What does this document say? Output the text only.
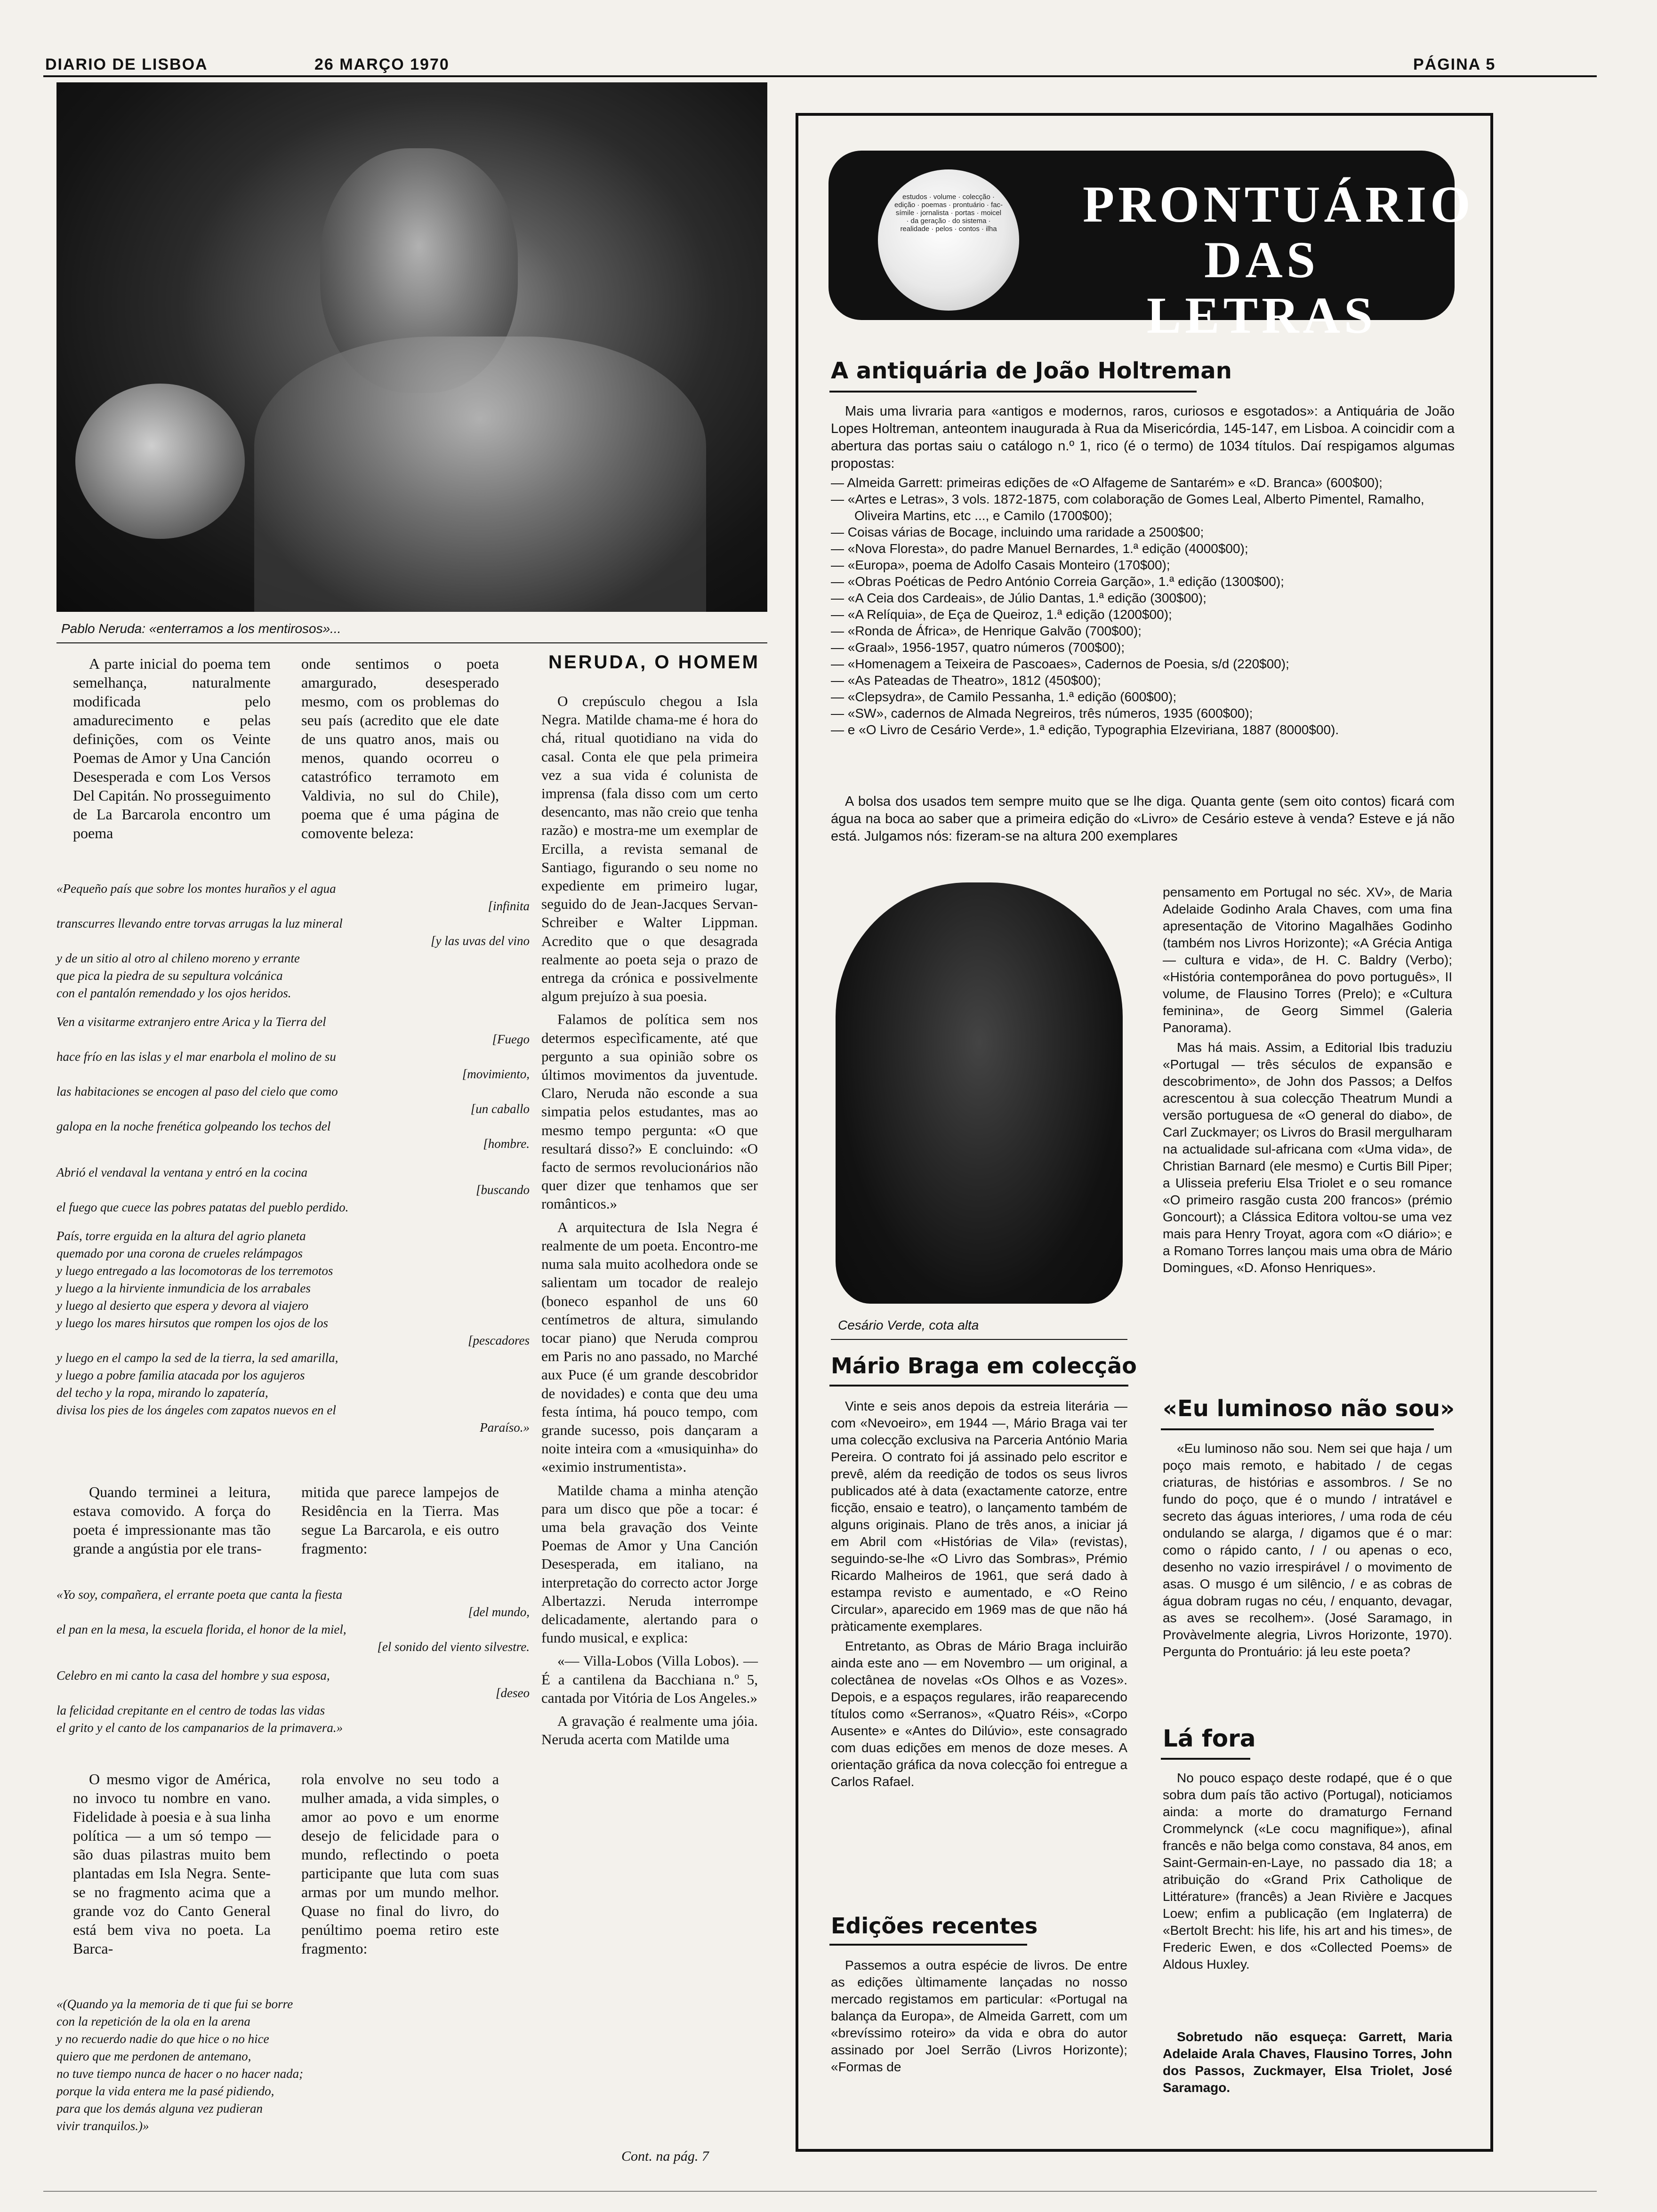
DIARIO DE LISBOA	26 MARÇO 1970	PÁGINA 5
Pablo Neruda: «enterramos a los mentirosos»...

A parte inicial do poema tem semelhança, naturalmente modificada pelo amadurecimento e pelas definições, com os Veinte Poemas de Amor y Una Canción Desesperada e com Los Versos Del Capitán. No prosseguimento de La Barcarola encontro um poema

onde sentimos o poeta amargurado, desesperado mesmo, com os problemas do seu país (acredito que ele date de uns quatro anos, mais ou menos, quando ocorreu o catastrófico terramoto em Valdivia, no sul do Chile), poema que é uma página de comovente beleza:

«Pequeño país que sobre los montes huraños y el agua
[infinita
transcurres llevando entre torvas arrugas la luz mineral
[y las uvas del vino
y de un sitio al otro al chileno moreno y errante
que pica la piedra de su sepultura volcánica
con el pantalón remendado y los ojos heridos.

Ven a visitarme extranjero entre Arica y la Tierra del
[Fuego
hace frío en las islas y el mar enarbola el molino de su
[movimiento,
las habitaciones se encogen al paso del cielo que como
[un caballo
galopa en la noche frenética golpeando los techos del
[hombre.

Abrió el vendaval la ventana y entró en la cocina
[buscando
el fuego que cuece las pobres patatas del pueblo perdido.

País, torre erguida en la altura del agrio planeta
quemado por una corona de crueles relámpagos
y luego entregado a las locomotoras de los terremotos
y luego a la hirviente inmundicia de los arrabales
y luego al desierto que espera y devora al viajero
y luego los mares hirsutos que rompen los ojos de los
[pescadores
y luego en el campo la sed de la tierra, la sed amarilla,
y luego a pobre familia atacada por los agujeros
del techo y la ropa, mirando lo zapatería,
divisa los pies de los ángeles com zapatos nuevos en el
Paraíso.»

Quando terminei a leitura, estava comovido. A força do poeta é impressionante mas tão grande a angústia por ele trans-

mitida que parece lampejos de Residência en la Tierra. Mas segue La Barcarola, e eis outro fragmento:

«Yo soy, compañera, el errante poeta que canta la fiesta
[del mundo,
el pan en la mesa, la escuela florida, el honor de la miel,
[el sonido del viento silvestre.

Celebro en mi canto la casa del hombre y sua esposa,
[deseo
la felicidad crepitante en el centro de todas las vidas
el grito y el canto de los campanarios de la primavera.»

O mesmo vigor de América, no invoco tu nombre en vano. Fidelidade à poesia e à sua linha política — a um só tempo — são duas pilastras muito bem plantadas em Isla Negra. Sente-se no fragmento acima que a grande voz do Canto General está bem viva no poeta. La Barca-

rola envolve no seu todo a mulher amada, a vida simples, o amor ao povo e um enorme desejo de felicidade para o mundo, reflectindo o poeta participante que luta com suas armas por um mundo melhor. Quase no final do livro, do penúltimo poema retiro este fragmento:

«(Quando ya la memoria de ti que fui se borre
con la repetición de la ola en la arena
y no recuerdo nadie do que hice o no hice
quiero que me perdonen de antemano,
no tuve tiempo nunca de hacer o no hacer nada;
porque la vida entera me la pasé pidiendo,
para que los demás alguna vez pudieran
vivir tranquilos.)»

NERUDA, O HOMEM

O crepúsculo chegou a Isla Negra. Matilde chama-me é hora do chá, ritual quotidiano na vida do casal. Conta ele que pela primeira vez a sua vida é colunista de imprensa (fala disso com um certo desencanto, mas não creio que tenha razão) e mostra-me um exemplar de Ercilla, a revista semanal de Santiago, figurando o seu nome no expediente em primeiro lugar, seguido do de Jean-Jacques Servan-Schreiber e Walter Lippman. Acredito que o que desagrada realmente ao poeta seja o prazo de entrega da crónica e possivelmente algum prejuízo à sua poesia.

Falamos de política sem nos determos especìficamente, até que pergunto a sua opinião sobre os últimos movimentos da juventude. Claro, Neruda não esconde a sua simpatia pelos estudantes, mas ao mesmo tempo pergunta: «O que resultará disso?» E concluindo: «O facto de sermos revolucionários não quer dizer que tenhamos que ser românticos.»

A arquitectura de Isla Negra é realmente de um poeta. Encontro-me numa sala muito acolhedora onde se salientam um tocador de realejo (boneco espanhol de uns 60 centímetros de altura, simulando tocar piano) que Neruda comprou em Paris no ano passado, no Marché aux Puce (é um grande descobridor de novidades) e conta que deu uma festa íntima, há pouco tempo, com grande sucesso, pois dançaram a noite inteira com a «musiquinha» do «eximio instrumentista».

Matilde chama a minha atenção para um disco que põe a tocar: é uma bela gravação dos Veinte Poemas de Amor y Una Canción Desesperada, em italiano, na interpretação do correcto actor Jorge Albertazzi. Neruda interrompe delicadamente, alertando para o fundo musical, e explica:

«— Villa-Lobos (Villa Lobos). — É a cantilena da Bacchiana n.º 5, cantada por Vitória de Los Angeles.»

A gravação é realmente uma jóia. Neruda acerta com Matilde uma

Cont. na pág. 7
estudos · volume · colecção · edição · poemas · prontuário · fac-símile · jornalista · portas · moicel · da geração · do sistema · realidade · pelos · contos · ilha	PRONTUÁRIO
DAS LETRAS
A antiquária de João Holtreman

Mais uma livraria para «antigos e modernos, raros, curiosos e esgotados»: a Antiquária de João Lopes Holtreman, anteontem inaugurada à Rua da Misericórdia, 145-147, em Lisboa. A coincidir com a abertura das portas saiu o catálogo n.º 1, rico (é o termo) de 1034 títulos. Daí respigamos algumas propostas:

— Almeida Garrett: primeiras edições de «O Alfageme de Santarém» e «D. Branca» (600$00);
— «Artes e Letras», 3 vols. 1872-1875, com colaboração de Gomes Leal, Alberto Pimentel, Ramalho, Oliveira Martins, etc ..., e Camilo (1700$00);
— Coisas várias de Bocage, incluindo uma raridade a 2500$00;
— «Nova Floresta», do padre Manuel Bernardes, 1.ª edição (4000$00);
— «Europa», poema de Adolfo Casais Monteiro (170$00);
— «Obras Poéticas de Pedro António Correia Garção», 1.ª edição (1300$00);
— «A Ceia dos Cardeais», de Júlio Dantas, 1.ª edição (300$00);
— «A Relíquia», de Eça de Queiroz, 1.ª edição (1200$00);
— «Ronda de África», de Henrique Galvão (700$00);
— «Graal», 1956-1957, quatro números (700$00);
— «Homenagem a Teixeira de Pascoaes», Cadernos de Poesia, s/d (220$00);
— «As Pateadas de Theatro», 1812 (450$00);
— «Clepsydra», de Camilo Pessanha, 1.ª edição (600$00);
— «SW», cadernos de Almada Negreiros, três números, 1935 (600$00);
— e «O Livro de Cesário Verde», 1.ª edição, Typographia Elzeviriana, 1887 (8000$00).

A bolsa dos usados tem sempre muito que se lhe diga. Quanta gente (sem oito contos) ficará com água na boca ao saber que a primeira edição do «Livro» de Cesário esteve à venda? Esteve e já não está. Julgamos nós: fizeram-se na altura 200 exemplares

Cesário Verde, cota alta

pensamento em Portugal no séc. XV», de Maria Adelaide Godinho Arala Chaves, com uma fina apresentação de Vitorino Magalhães Godinho (também nos Livros Horizonte); «A Grécia Antiga — cultura e vida», de H. C. Baldry (Verbo); «História contemporânea do povo português», II volume, de Flausino Torres (Prelo); e «Cultura feminina», de Georg Simmel (Galeria Panorama).

Mas há mais. Assim, a Editorial Ibis traduziu «Portugal — três séculos de expansão e descobrimento», de John dos Passos; a Delfos acrescentou à sua colecção Theatrum Mundi a versão portuguesa de «O general do diabo», de Carl Zuckmayer; os Livros do Brasil mergulharam na actualidade sul-africana com «Uma vida», de Christian Barnard (ele mesmo) e Curtis Bill Piper; a Ulisseia preferiu Elsa Triolet e o seu romance «O primeiro rasgão custa 200 francos» (prémio Goncourt); a Clássica Editora voltou-se uma vez mais para Henry Troyat, agora com «O diário»; e a Romano Torres lançou mais uma obra de Mário Domingues, «D. Afonso Henriques».

Mário Braga em colecção

Vinte e seis anos depois da estreia literária — com «Nevoeiro», em 1944 —, Mário Braga vai ter uma colecção exclusiva na Parceria António Maria Pereira. O contrato foi já assinado pelo escritor e prevê, além da reedição de todos os seus livros publicados até à data (exactamente catorze, entre ficção, ensaio e teatro), o lançamento também de alguns originais. Plano de três anos, a iniciar já em Abril com «Histórias de Vila» (revistas), seguindo-se-lhe «O Livro das Sombras», Prémio Ricardo Malheiros de 1961, que será dado à estampa revisto e aumentado, e «O Reino Circular», aparecido em 1969 mas de que não há pràticamente exemplares.

Entretanto, as Obras de Mário Braga incluirão ainda este ano — em Novembro — um original, a colectânea de novelas «Os Olhos e as Vozes». Depois, e a espaços regulares, irão reaparecendo títulos como «Serranos», «Quatro Réis», «Corpo Ausente» e «Antes do Dilúvio», este consagrado com duas edições em menos de doze meses. A orientação gráfica da nova colecção foi entregue a Carlos Rafael.

Edições recentes

Passemos a outra espécie de livros. De entre as edições ùltimamente lançadas no nosso mercado registamos em particular: «Portugal na balança da Europa», de Almeida Garrett, com um «brevíssimo roteiro» da vida e obra do autor assinado por Joel Serrão (Livros Horizonte); «Formas de

«Eu luminoso não sou»

«Eu luminoso não sou. Nem sei que haja / um poço mais remoto, e habitado / de cegas criaturas, de histórias e assombros. / Se no fundo do poço, que é o mundo / intratável e secreto das águas interiores, / uma roda de céu ondulando se alarga, / digamos que é o mar: como o rápido canto, / / ou apenas o eco, desenho no vazio irrespirável / o movimento de asas. O musgo é um silêncio, / e as cobras de água dobram rugas no céu, / enquanto, devagar, as aves se recolhem». (José Saramago, in Provàvelmente alegria, Livros Horizonte, 1970). Pergunta do Prontuário: já leu este poeta?

Lá fora

No pouco espaço deste rodapé, que é o que sobra dum país tão activo (Portugal), noticiamos ainda: a morte do dramaturgo Fernand Crommelynck («Le cocu magnifique»), afinal francês e não belga como constava, 84 anos, em Saint-Germain-en-Laye, no passado dia 18; a atribuição do «Grand Prix Catholique de Littérature» (francês) a Jean Rivière e Jacques Loew; enfim a publicação (em Inglaterra) de «Bertolt Brecht: his life, his art and his times», de Frederic Ewen, e dos «Collected Poems» de Aldous Huxley.

Sobretudo não esqueça: Garrett, Maria Adelaide Arala Chaves, Flausino Torres, John dos Passos, Zuckmayer, Elsa Triolet, José Saramago.
